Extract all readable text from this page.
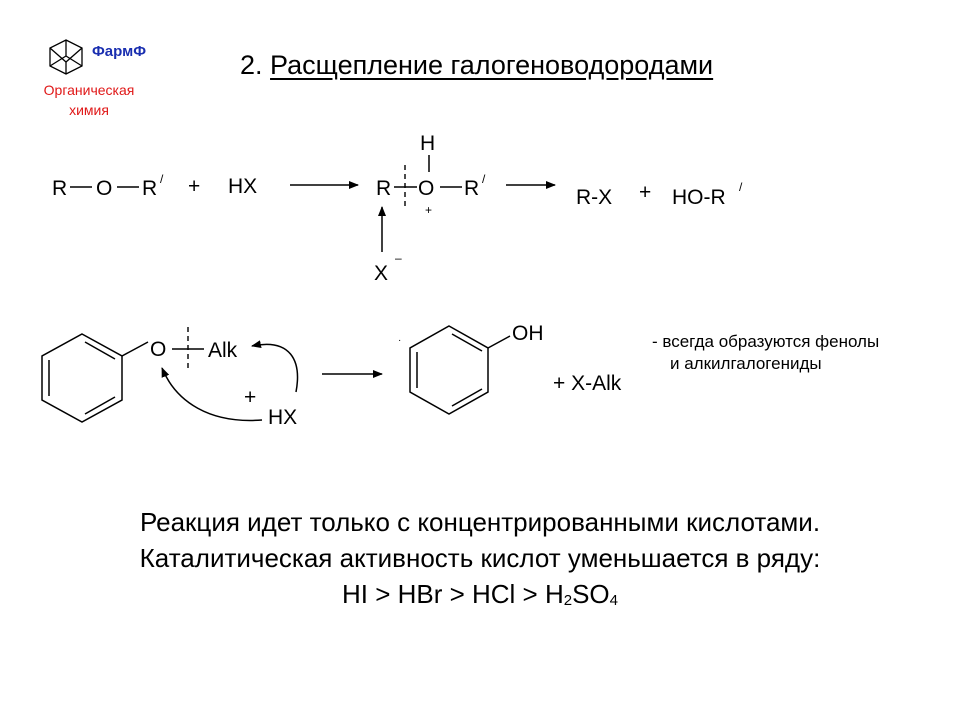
ФармФ
Органическая
химия
2. Расщепление галогеноводородами
R O R / + HX	R O
H
+
R /
X
–
R-X + HO-R /
O Alk
+
HX
·	OH
+ X-Alk
- всегда образуются фенолы
и алкилгалогениды
Реакция идет только с концентрированными кислотами.
Каталитическая активность кислот уменьшается в ряду:
HI > HBr > HCl > $H_2SO_4$
